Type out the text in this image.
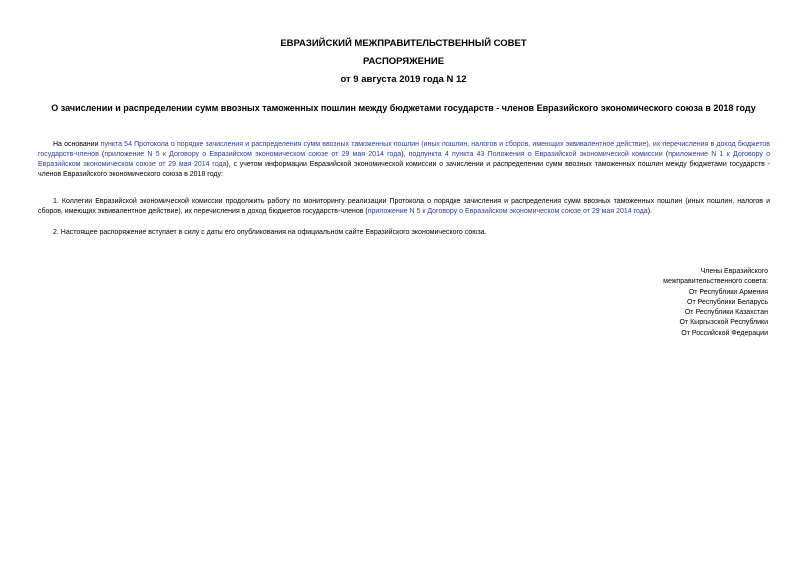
ЕВРАЗИЙСКИЙ МЕЖПРАВИТЕЛЬСТВЕННЫЙ СОВЕТ
РАСПОРЯЖЕНИЕ
от 9 августа 2019 года N 12
О зачислении и распределении сумм ввозных таможенных пошлин между бюджетами государств - членов Евразийского экономического союза в 2018 году
На основании пункта 54 Протокола о порядке зачисления и распределения сумм ввозных таможенных пошлин (иных пошлин, налогов и сборов, имеющих эквивалентное действие), их перечисления в доход бюджетов государств-членов (приложение N 5 к Договору о Евразийском экономическом союзе от 29 мая 2014 года), подпункта 4 пункта 43 Положения о Евразийской экономической комиссии (приложение N 1 к Договору о Евразийском экономическом союзе от 29 мая 2014 года), с учетом информации Евразийской экономической комиссии о зачислении и распределении сумм ввозных таможенных пошлин между бюджетами государств - членов Евразийского экономического союза в 2018 году:
1. Коллегии Евразийской экономической комиссии продолжить работу по мониторингу реализации Протокола о порядке зачисления и распределения сумм ввозных таможенных пошлин (иных пошлин, налогов и сборов, имеющих эквивалентное действие), их перечисления в доход бюджетов государств-членов (приложение N 5 к Договору о Евразийском экономическом союзе от 29 мая 2014 года).
2. Настоящее распоряжение вступает в силу с даты его опубликования на официальном сайте Евразийского экономического союза.
Члены Евразийского
межправительственного совета:
От Республики Армения
От Республики Беларусь
От Республики Казахстан
От Кыргызской Республики
От Российской Федерации
